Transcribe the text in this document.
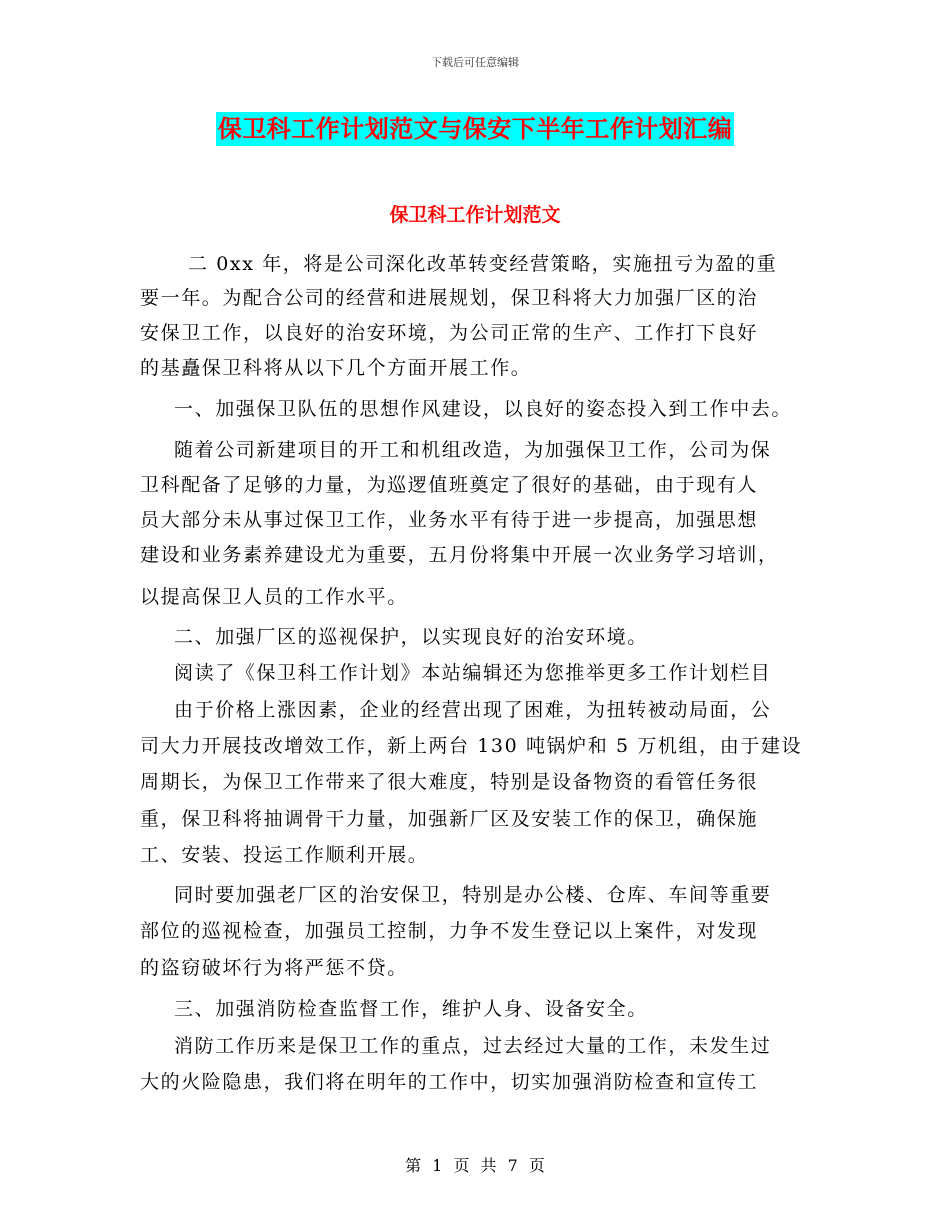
下载后可任意编辑
保卫科工作计划范文与保安下半年工作计划汇编
保卫科工作计划范文
二 0xx 年，将是公司深化改革转变经营策略，实施扭亏为盈的重
要一年。为配合公司的经营和进展规划，保卫科将大力加强厂区的治
安保卫工作，以良好的治安环境，为公司正常的生产、工作打下良好
的基矗保卫科将从以下几个方面开展工作。
一、加强保卫队伍的思想作风建设，以良好的姿态投入到工作中去。
随着公司新建项目的开工和机组改造，为加强保卫工作，公司为保
卫科配备了足够的力量，为巡逻值班奠定了很好的基础，由于现有人
员大部分未从事过保卫工作，业务水平有待于进一步提高，加强思想
建设和业务素养建设尤为重要，五月份将集中开展一次业务学习培训，
以提高保卫人员的工作水平。
二、加强厂区的巡视保护，以实现良好的治安环境。
阅读了《保卫科工作计划》本站编辑还为您推举更多工作计划栏目
由于价格上涨因素，企业的经营出现了困难，为扭转被动局面，公
司大力开展技改增效工作，新上两台 130 吨锅炉和 5 万机组，由于建设
周期长，为保卫工作带来了很大难度，特别是设备物资的看管任务很
重，保卫科将抽调骨干力量，加强新厂区及安装工作的保卫，确保施
工、安装、投运工作顺利开展。
同时要加强老厂区的治安保卫，特别是办公楼、仓库、车间等重要
部位的巡视检查，加强员工控制，力争不发生登记以上案件，对发现
的盗窃破坏行为将严惩不贷。
三、加强消防检查监督工作，维护人身、设备安全。
消防工作历来是保卫工作的重点，过去经过大量的工作，未发生过
大的火险隐患，我们将在明年的工作中，切实加强消防检查和宣传工
第 1 页 共 7 页
